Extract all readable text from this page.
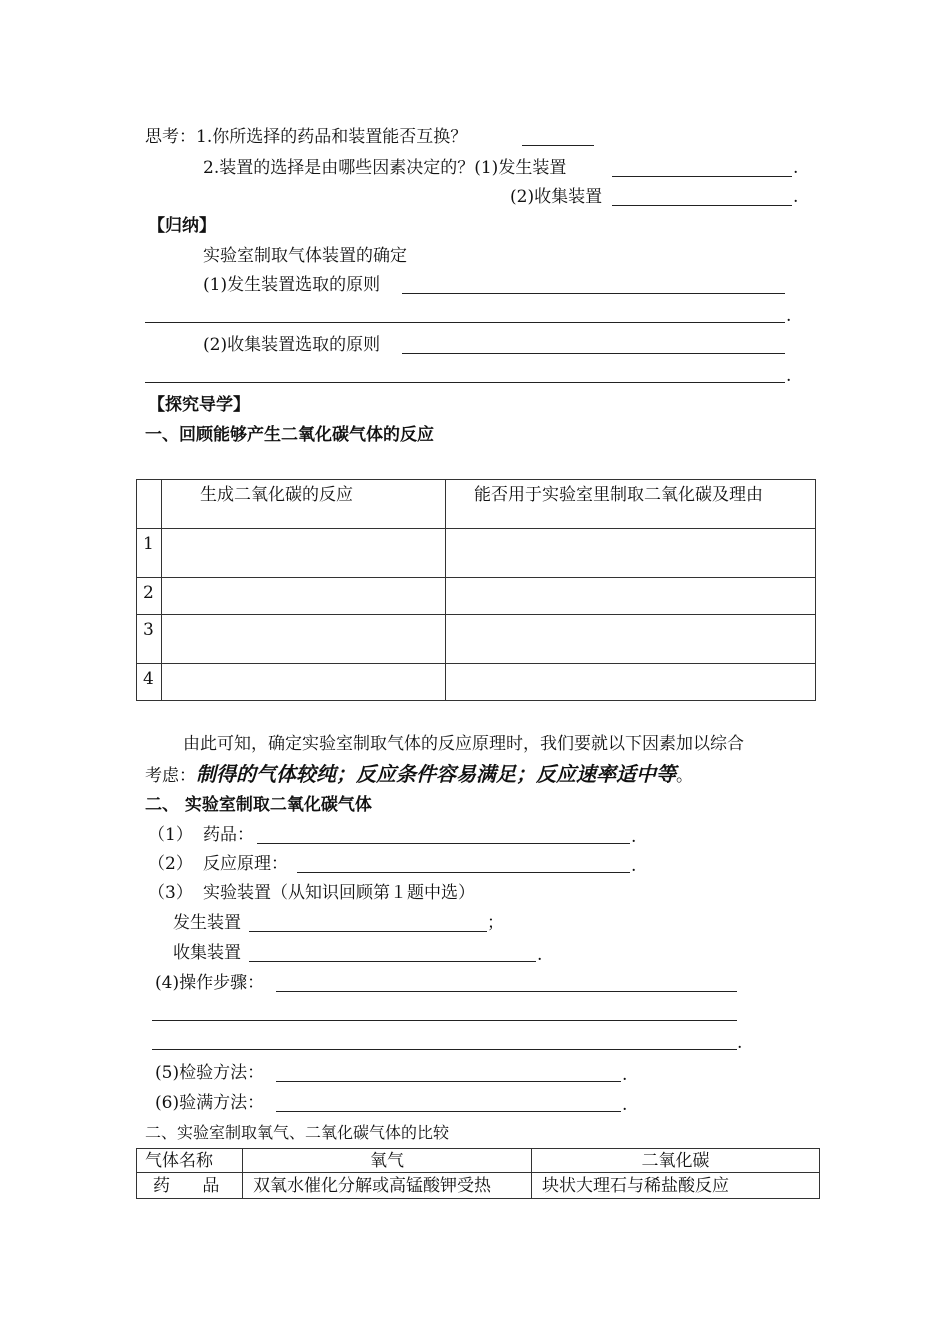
思考：1.你所选择的药品和装置能否互换？
2.装置的选择是由哪些因素决定的？(1)发生装置	.
(2)收集装置	.
【归纳】
实验室制取气体装置的确定
(1)发生装置选取的原则
.
(2)收集装置选取的原则
.
【探究导学】
一、回顾能够产生二氧化碳气体的反应
	生成二氧化碳的反应	能否用于实验室里制取二氧化碳及理由
1		
2		
3		
4		
由此可知，确定实验室制取气体的反应原理时，我们要就以下因素加以综合
考虑：制得的气体较纯；反应条件容易满足；反应速率适中等。
二、 实验室制取二氧化碳气体
（1） 药品：	.
（2） 反应原理：	.
（3） 实验装置（从知识回顾第１题中选）
发生装置	；
收集装置	.
(4)操作步骤：
.
(5)检验方法：	.
(6)验满方法：	.
二、实验室制取氧气、二氧化碳气体的比较
气体名称	氧气	二氧化碳
药      品	双氧水催化分解或高锰酸钾受热	块状大理石与稀盐酸反应
